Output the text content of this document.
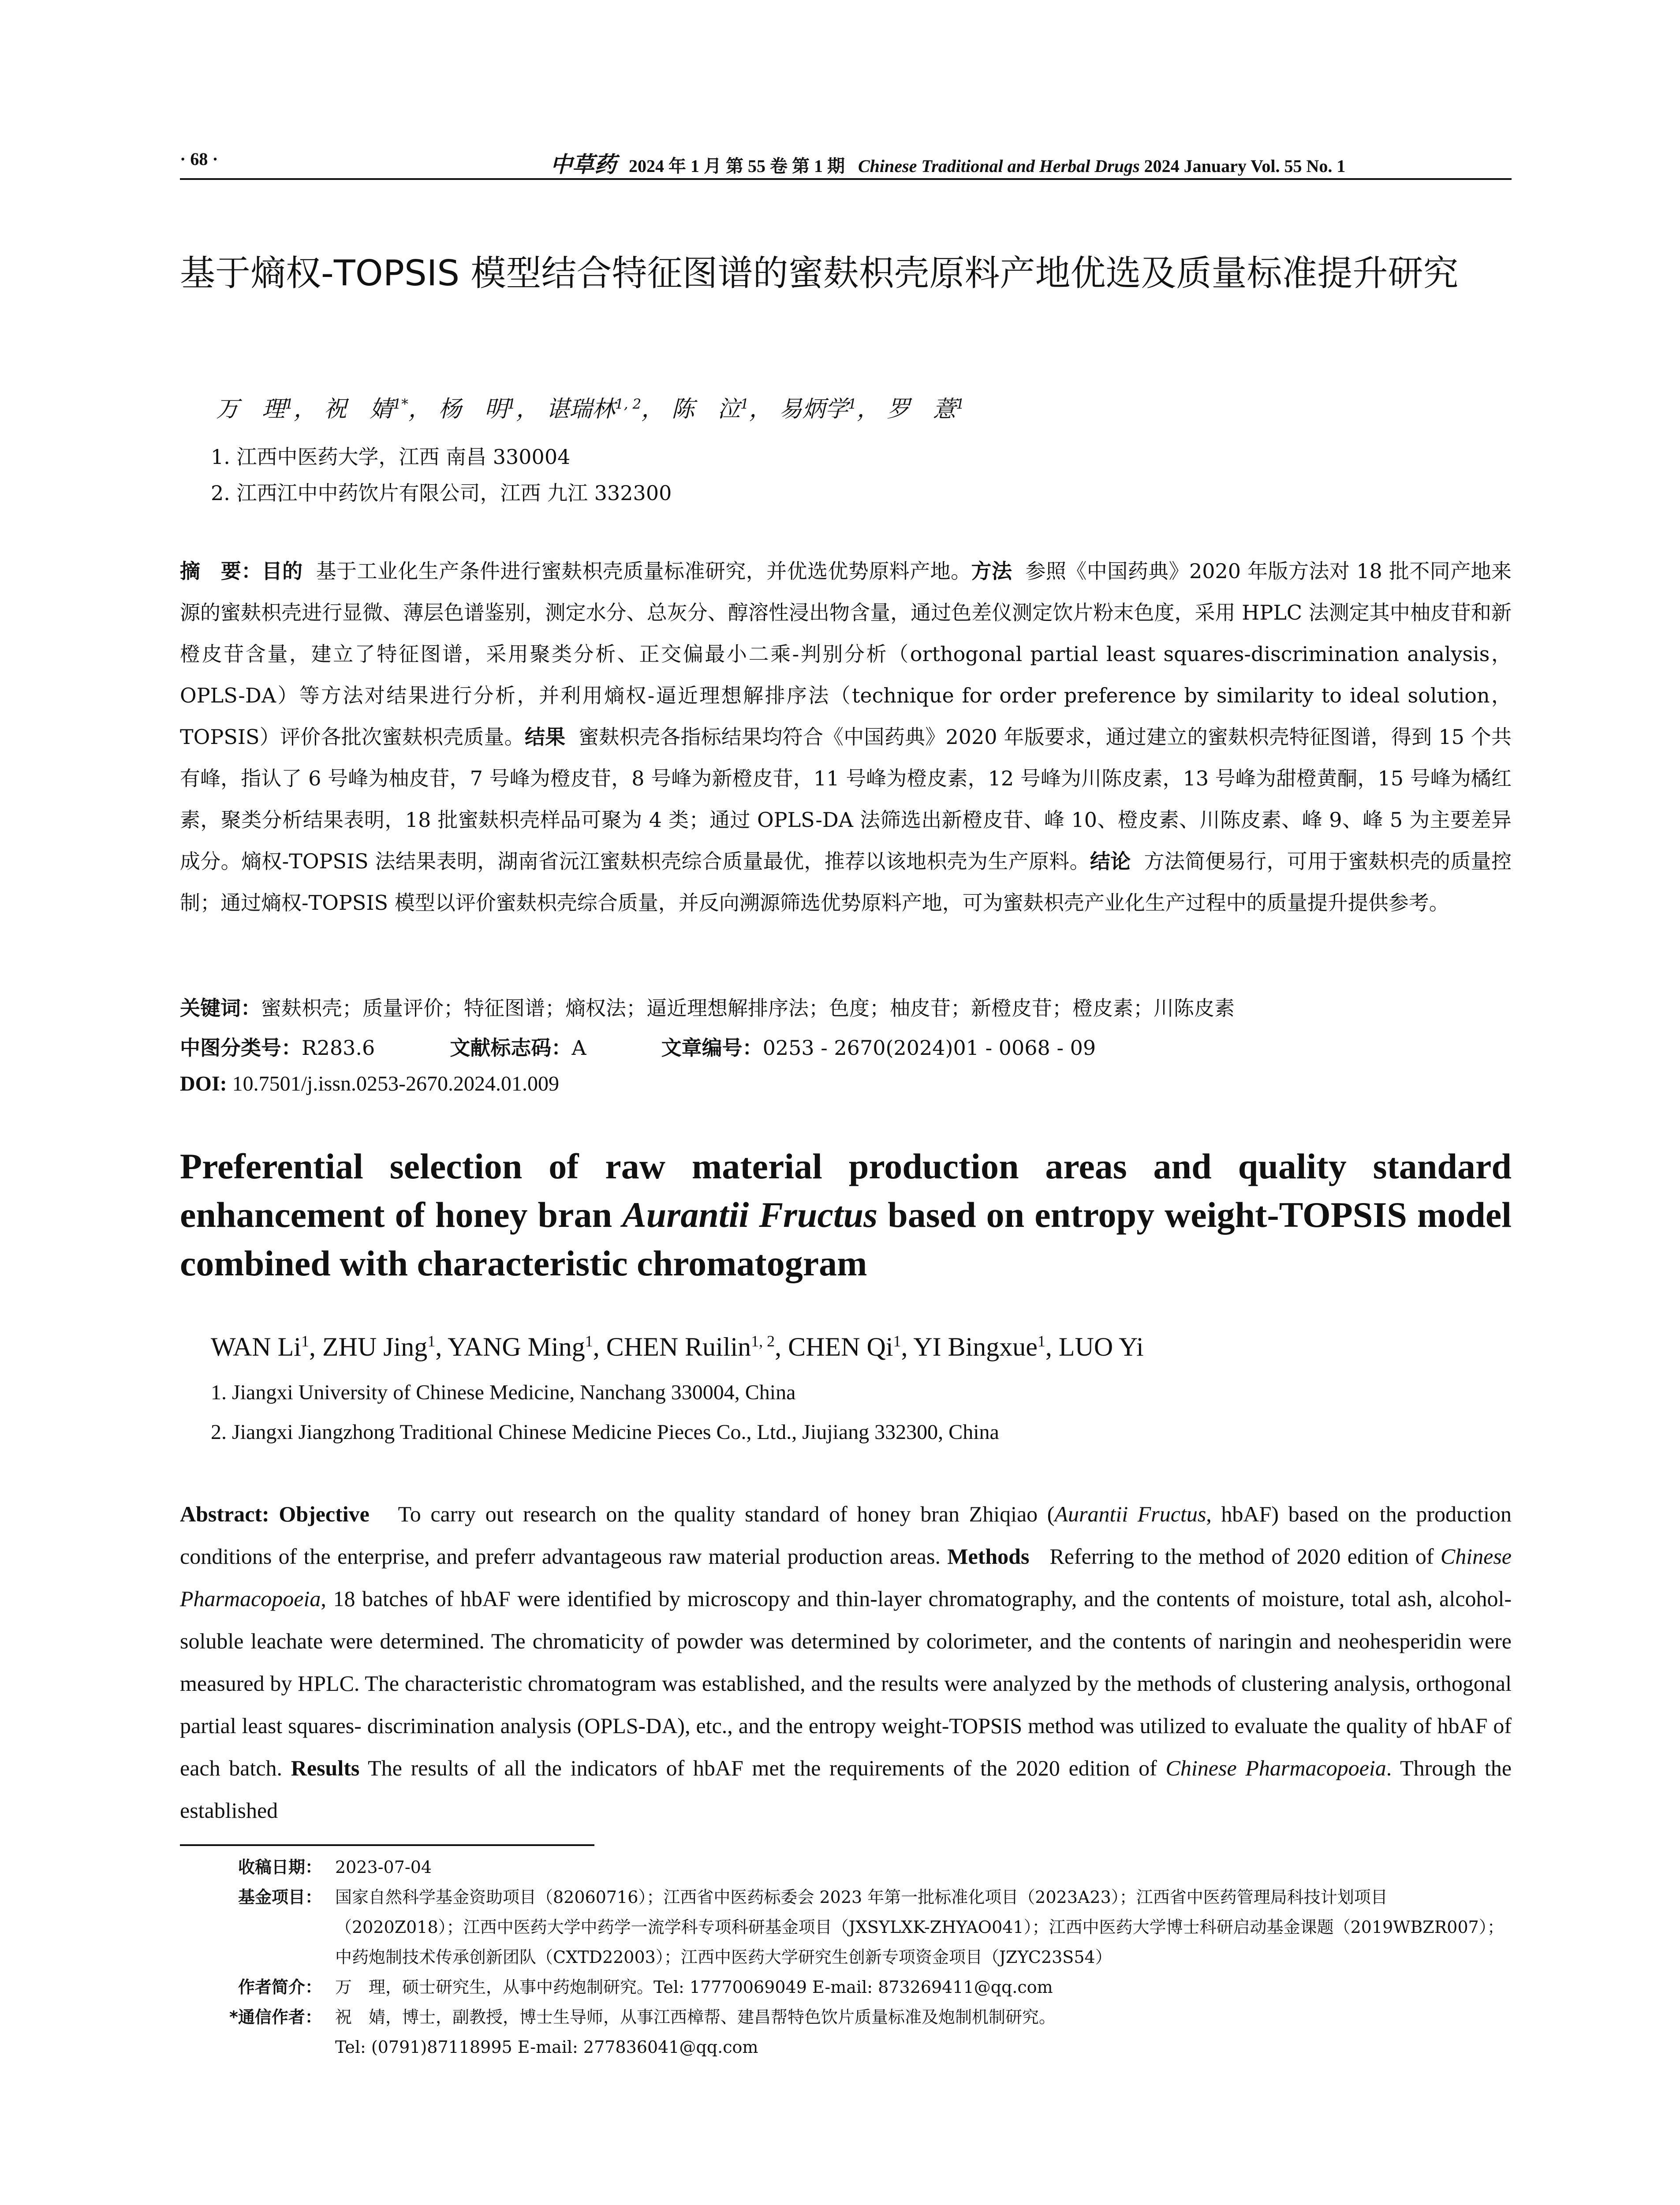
· 68 ·	中草药 2024 年 1 月 第 55 卷 第 1 期 Chinese Traditional and Herbal Drugs 2024 January Vol. 55 No. 1
基于熵权-TOPSIS 模型结合特征图谱的蜜麸枳壳原料产地优选及质量标准提升研究
万　理$^1$， 祝　婧$^{1*}$， 杨　明$^1$， 谌瑞林$^{1, 2}$， 陈　泣$^1$， 易炳学$^1$， 罗　薏$^1$
1. 江西中医药大学，江西 南昌 330004
2. 江西江中中药饮片有限公司，江西 九江 332300
摘　要：目的 基于工业化生产条件进行蜜麸枳壳质量标准研究，并优选优势原料产地。方法 参照《中国药典》2020 年版方法对 18 批不同产地来源的蜜麸枳壳进行显微、薄层色谱鉴别，测定水分、总灰分、醇溶性浸出物含量，通过色差仪测定饮片粉末色度，采用 HPLC 法测定其中柚皮苷和新橙皮苷含量，建立了特征图谱，采用聚类分析、正交偏最小二乘-判别分析（orthogonal partial least squares-discrimination analysis，OPLS-DA）等方法对结果进行分析，并利用熵权-逼近理想解排序法（technique for order preference by similarity to ideal solution，TOPSIS）评价各批次蜜麸枳壳质量。结果 蜜麸枳壳各指标结果均符合《中国药典》2020 年版要求，通过建立的蜜麸枳壳特征图谱，得到 15 个共有峰，指认了 6 号峰为柚皮苷，7 号峰为橙皮苷，8 号峰为新橙皮苷，11 号峰为橙皮素，12 号峰为川陈皮素，13 号峰为甜橙黄酮，15 号峰为橘红素，聚类分析结果表明，18 批蜜麸枳壳样品可聚为 4 类；通过 OPLS-DA 法筛选出新橙皮苷、峰 10、橙皮素、川陈皮素、峰 9、峰 5 为主要差异成分。熵权-TOPSIS 法结果表明，湖南省沅江蜜麸枳壳综合质量最优，推荐以该地枳壳为生产原料。结论 方法简便易行，可用于蜜麸枳壳的质量控制；通过熵权-TOPSIS 模型以评价蜜麸枳壳综合质量，并反向溯源筛选优势原料产地，可为蜜麸枳壳产业化生产过程中的质量提升提供参考。
关键词：蜜麸枳壳；质量评价；特征图谱；熵权法；逼近理想解排序法；色度；柚皮苷；新橙皮苷；橙皮素；川陈皮素
中图分类号：R283.6	文献标志码：A	文章编号：0253 - 2670(2024)01 - 0068 - 09
DOI: 10.7501/j.issn.0253-2670.2024.01.009
Preferential selection of raw material production areas and quality standard enhancement of honey bran Aurantii Fructus based on entropy weight-TOPSIS model combined with characteristic chromatogram
WAN Li$^1$, ZHU Jing$^1$, YANG Ming$^1$, CHEN Ruilin$^{1, 2}$, CHEN Qi$^1$, YI Bingxue$^1$, LUO Yi
1. Jiangxi University of Chinese Medicine, Nanchang 330004, China
2. Jiangxi Jiangzhong Traditional Chinese Medicine Pieces Co., Ltd., Jiujiang 332300, China
Abstract: Objective To carry out research on the quality standard of honey bran Zhiqiao (Aurantii Fructus, hbAF) based on the production conditions of the enterprise, and preferr advantageous raw material production areas. Methods Referring to the method of 2020 edition of Chinese Pharmacopoeia, 18 batches of hbAF were identified by microscopy and thin-layer chromatography, and the contents of moisture, total ash, alcohol-soluble leachate were determined. The chromaticity of powder was determined by colorimeter, and the contents of naringin and neohesperidin were measured by HPLC. The characteristic chromatogram was established, and the results were analyzed by the methods of clustering analysis, orthogonal partial least squares- discrimination analysis (OPLS-DA), etc., and the entropy weight-TOPSIS method was utilized to evaluate the quality of hbAF of each batch. Results The results of all the indicators of hbAF met the requirements of the 2020 edition of Chinese Pharmacopoeia. Through the established
收稿日期： 2023-07-04
基金项目： 国家自然科学基金资助项目（82060716）；江西省中医药标委会 2023 年第一批标准化项目（2023A23）；江西省中医药管理局科技计划项目（2020Z018）；江西中医药大学中药学一流学科专项科研基金项目（JXSYLXK-ZHYAO041）；江西中医药大学博士科研启动基金课题（2019WBZR007）；中药炮制技术传承创新团队（CXTD22003）；江西中医药大学研究生创新专项资金项目（JZYC23S54）
作者简介： 万　理，硕士研究生，从事中药炮制研究。Tel: 17770069049 E-mail: 873269411@qq.com
*通信作者： 祝　婧，博士，副教授，博士生导师，从事江西樟帮、建昌帮特色饮片质量标准及炮制机制研究。
Tel: (0791)87118995 E-mail: 277836041@qq.com
